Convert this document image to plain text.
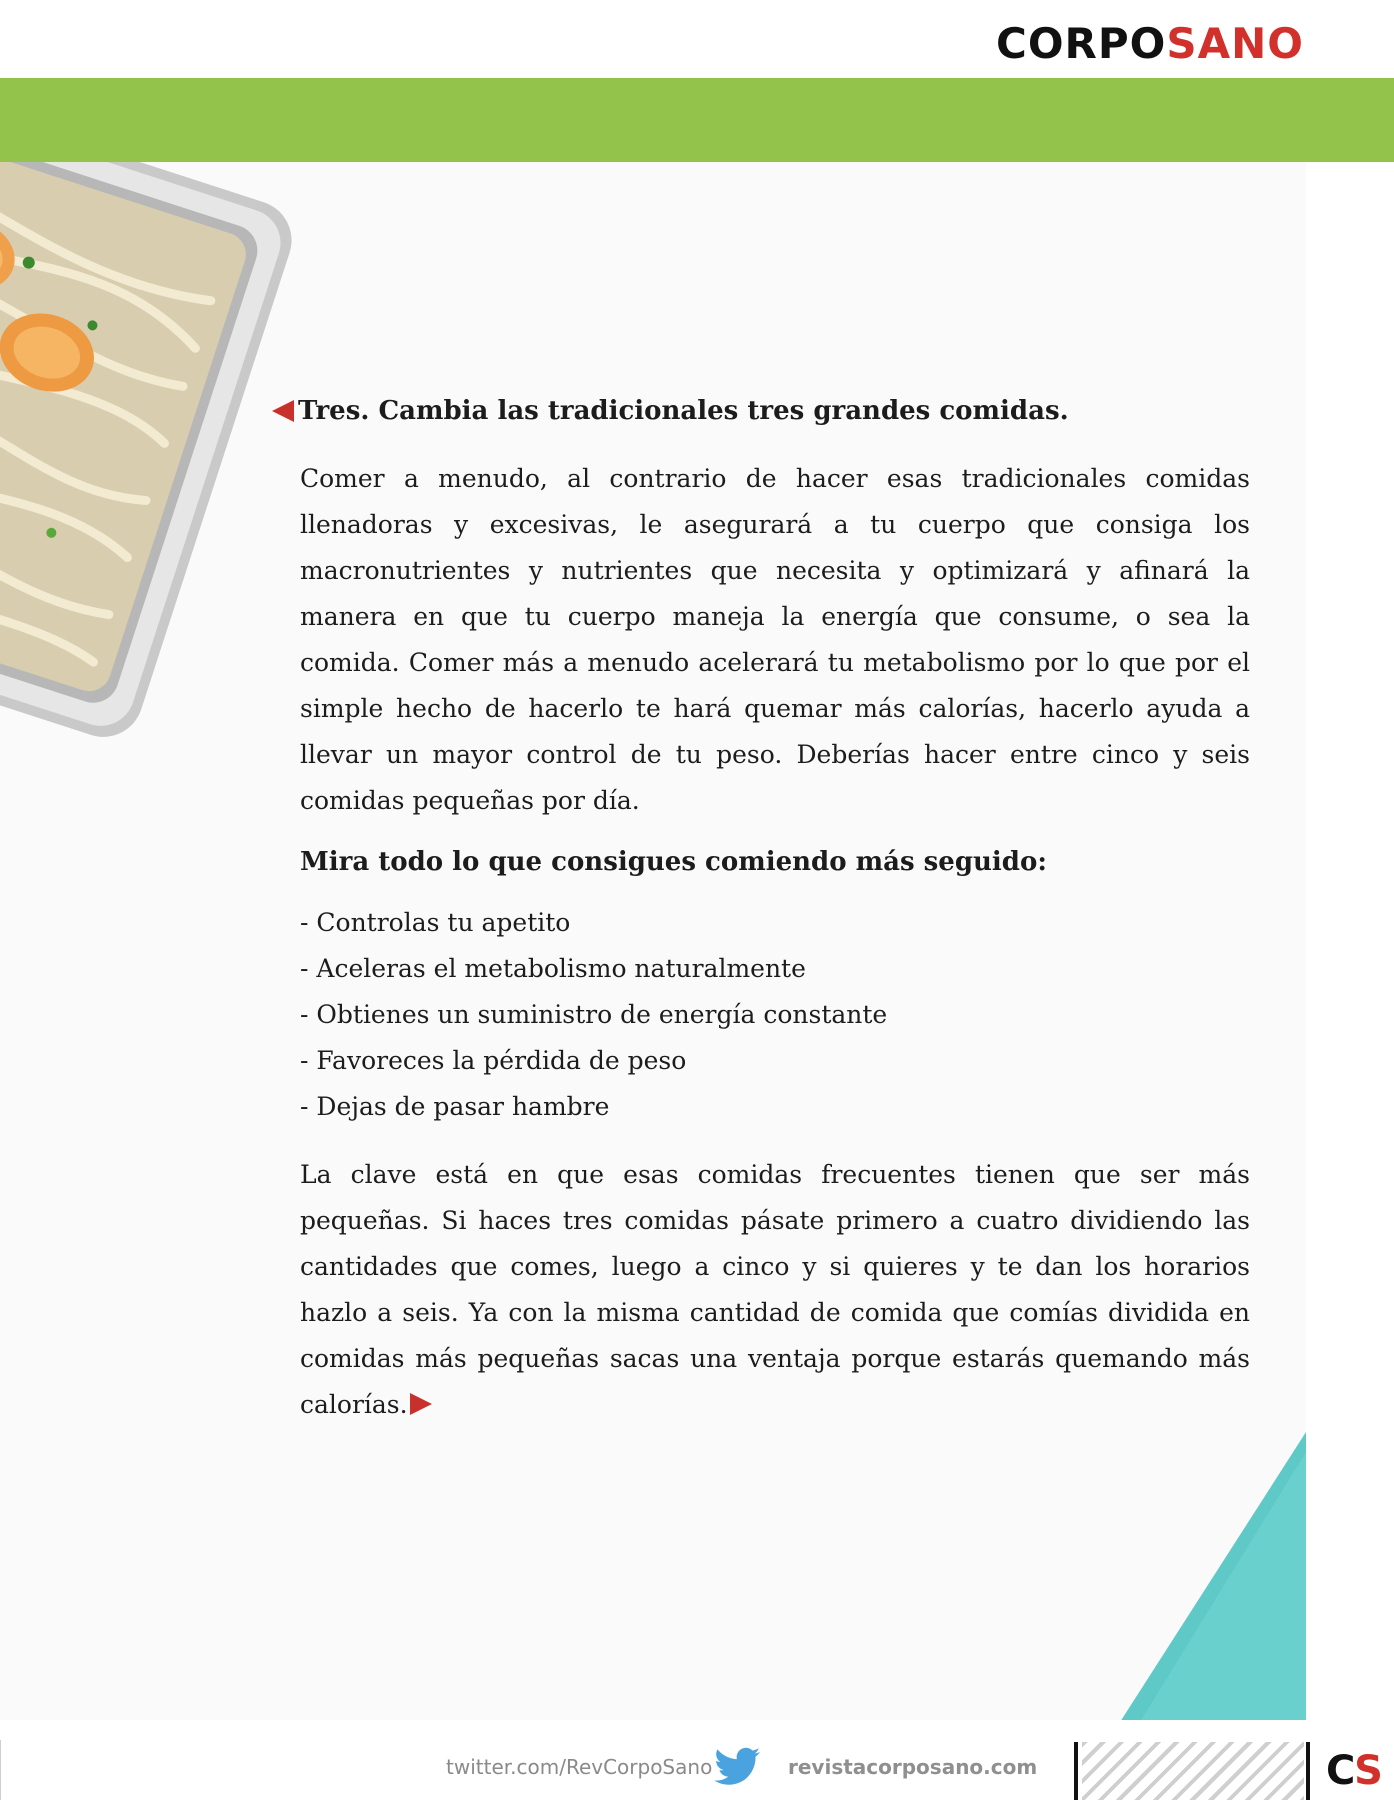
CORPOSANO
Tres. Cambia las tradicionales tres grandes comidas.

Comer a menudo, al contrario de hacer esas tradicionales comidas llenadoras y excesivas, le asegurará a tu cuerpo que consiga los macronutrientes y nutrientes que necesita y optimizará y afinará la manera en que tu cuerpo maneja la energía que consume, o sea la comida. Comer más a menudo acelerará tu metabolismo por lo que por el simple hecho de hacerlo te hará quemar más calorías, hacerlo ayuda a llevar un mayor control de tu peso. Deberías hacer entre cinco y seis comidas pequeñas por día.

Mira todo lo que consigues comiendo más seguido:
- Controlas tu apetito
- Aceleras el metabolismo naturalmente
- Obtienes un suministro de energía constante
- Favoreces la pérdida de peso
- Dejas de pasar hambre

La clave está en que esas comidas frecuentes tienen que ser más pequeñas. Si haces tres comidas pásate primero a cuatro dividiendo las cantidades que comes, luego a cinco y si quieres y te dan los horarios hazlo a seis. Ya con la misma cantidad de comida que comías dividida en comidas más pequeñas sacas una ventaja porque estarás quemando más calorías.

twitter.com/RevCorpoSano	revistacorposano.com	CS
